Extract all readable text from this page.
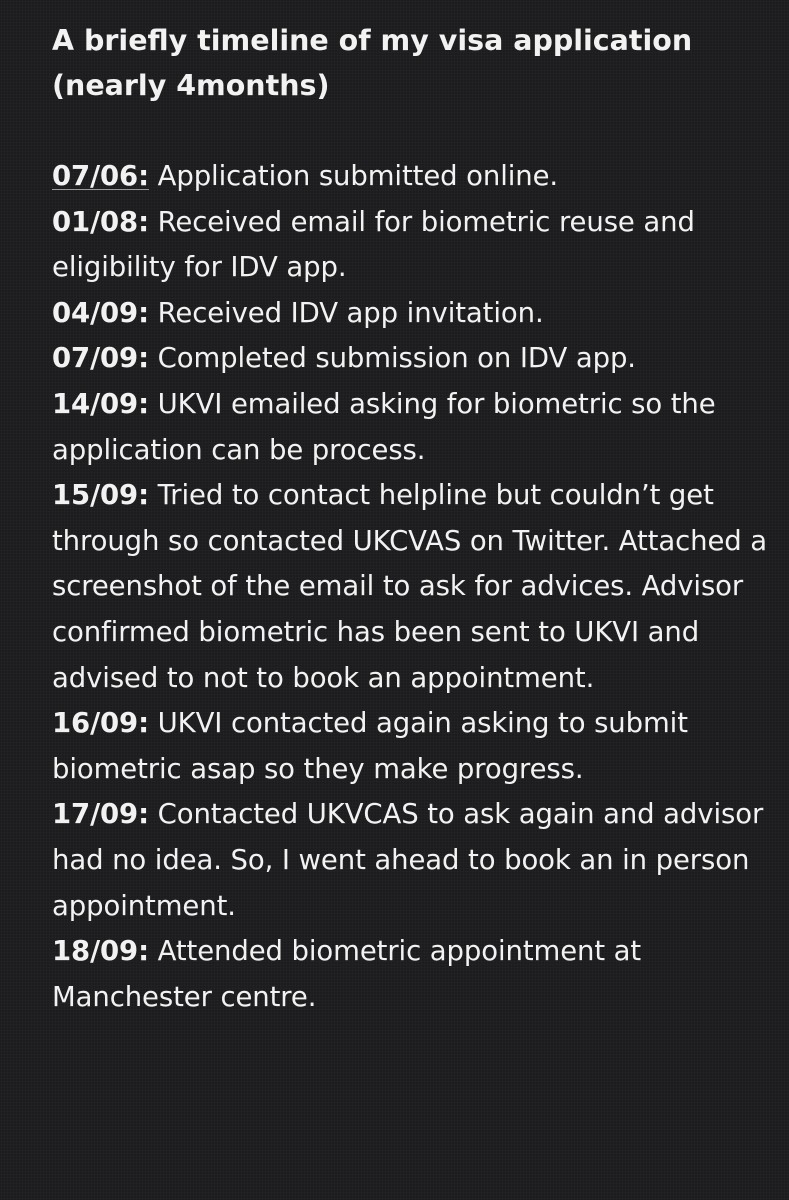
A briefly timeline of my visa application (nearly 4months)

07/06: Application submitted online.

01/08: Received email for biometric reuse and eligibility for IDV app.

04/09: Received IDV app invitation.

07/09: Completed submission on IDV app.

14/09: UKVI emailed asking for biometric so the application can be process.

15/09: Tried to contact helpline but couldn’t get through so contacted UKCVAS on Twitter. Attached a screenshot of the email to ask for advices. Advisor confirmed biometric has been sent to UKVI and advised to not to book an appointment.

16/09: UKVI contacted again asking to submit biometric asap so they make progress.

17/09: Contacted UKVCAS to ask again and advisor had no idea. So, I went ahead to book an in person appointment.

18/09: Attended biometric appointment at Manchester centre.
